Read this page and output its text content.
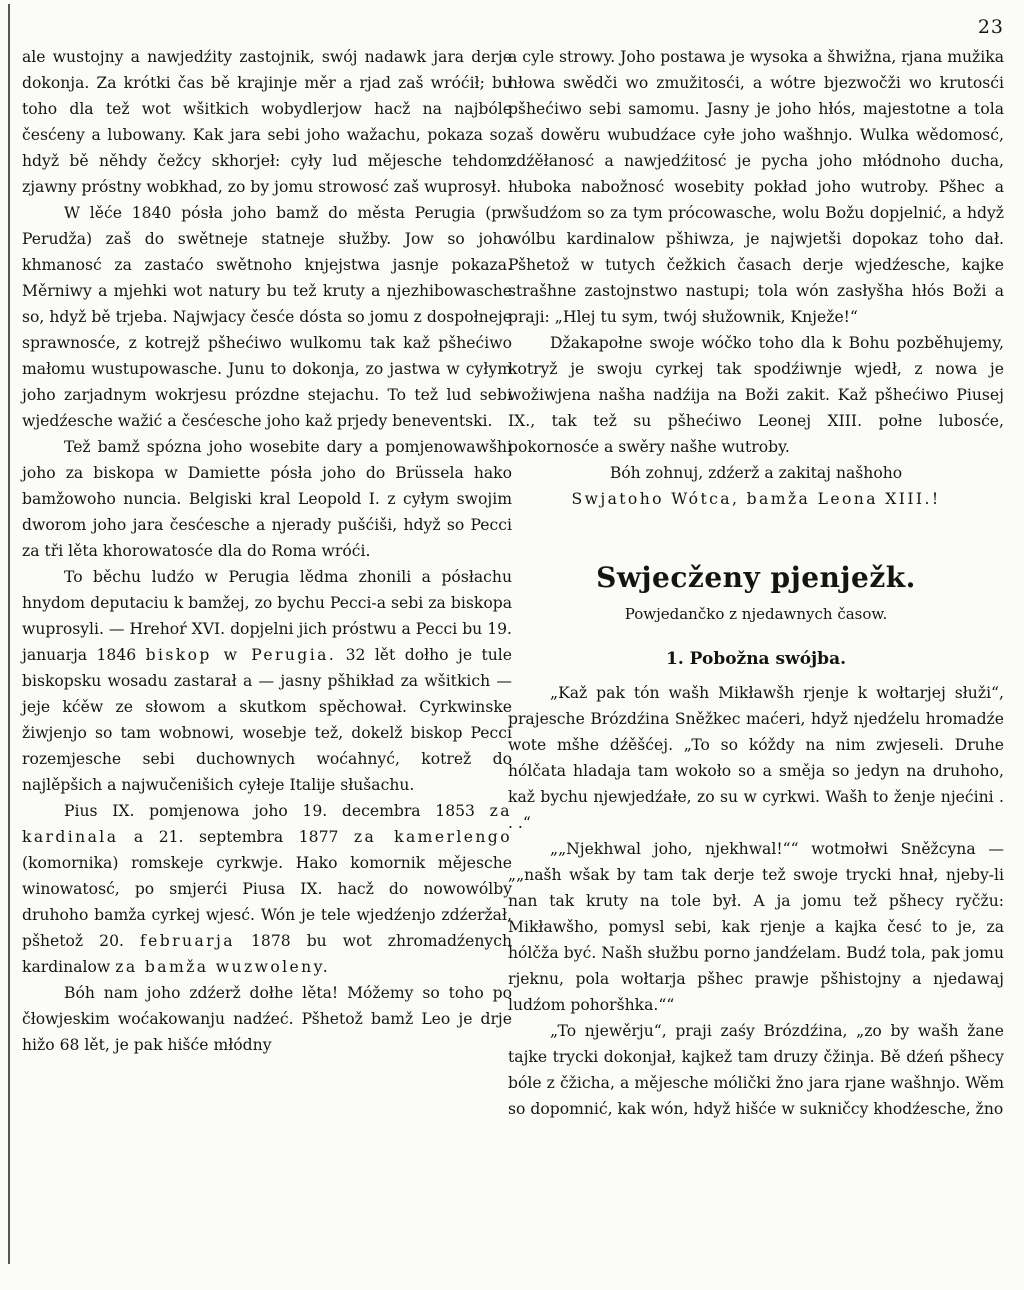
23

ale wustojny a nawjedźity zastojnik, swój nadawk jara derje dokonja. Za krótki čas bě krajinje měr a rjad zaš wróćił; bu toho dla tež wot wšitkich wobydlerjow hacž na najbóle česćeny a lubowany. Kak jara sebi joho wažachu, pokaza so, hdyž bě něhdy čežcy skhorjeł: cyły lud mějesche tehdom zjawny próstny wobkhad, zo by jomu strowosć zaš wuprosył.

W lěće 1840 pósła joho bamž do města Perugia (pr. Perudža) zaš do swětneje statneje słužby. Jow so joho khmanosć za zastaćo swětnoho knjejstwa jasnje pokaza. Měrniwy a mjehki wot natury bu tež kruty a njezhibowasche so, hdyž bě trjeba. Najwjacy česće dósta so jomu z dospołneje sprawnosće, z kotrejž pšhećiwo wulkomu tak kaž pšhećiwo małomu wustupowasche. Junu to dokonja, zo jastwa w cyłym joho zarjadnym wokrjesu prózdne stejachu. To tež lud sebi wjedźesche wažić a česćesche joho kaž prjedy beneventski.

Tež bamž spózna joho wosebite dary a pomjenowawšhi joho za biskopa w Damiette pósła joho do Brüssela hako bamžowoho nuncia. Belgiski kral Leopold I. z cyłym swojim dworom joho jara česćesche a njerady pušćiši, hdyž so Pecci za tři lěta khorowatosće dla do Roma wróći.

To běchu ludźo w Perugia lědma zhonili a pósłachu hnydom deputaciu k bamžej, zo bychu Pecci-a sebi za biskopa wuprosyli. — Hrehoŕ XVI. dopjelni jich próstwu a Pecci bu 19. januarja 1846 biskop w Perugia. 32 lět dołho je tule biskopsku wosadu zastarał a — jasny pšhikład za wšitkich — jeje kćěw ze słowom a skutkom spěchował. Cyrkwinske žiwjenjo so tam wobnowi, wosebje tež, dokelž biskop Pecci rozemjesche sebi duchownych woćahnyć, kotrež do najlěpšich a najwučenišich cyłeje Italije słušachu.

Pius IX. pomjenowa joho 19. decembra 1853 za kardinala a 21. septembra 1877 za kamerlengo (komornika) romskeje cyrkwje. Hako komornik mějesche winowatosć, po smjerći Piusa IX. hacž do nowowólby druhoho bamža cyrkej wjesć. Wón je tele wjedźenjo zdźeržał, pšhetož 20. februarja 1878 bu wot zhromadźenych kardinalow za bamža wuzwoleny.

Bóh nam joho zdźerž dołhe lěta! Móžemy so toho po čłowjeskim woćakowanju nadźeć. Pšhetož bamž Leo je drje hižo 68 lět, je pak hišće młódny

a cyle strowy. Joho postawa je wysoka a šhwižna, rjana mužika hłowa swědči wo zmužitosći, a wótre bjezwočži wo krutosći pšhećiwo sebi samomu. Jasny je joho hłós, majestotne a tola zaš dowěru wubudźace cyłe joho wašhnjo. Wulka wědomosć, zdźěłanosć a nawjedźitosć je pycha joho młódnoho ducha, hłuboka nabožnosć wosebity pokład joho wutroby. Pšhec a wšudźom so za tym prócowasche, wolu Božu dopjelnić, a hdyž wólbu kardinalow pšhiwza, je najwjetši dopokaz toho dał. Pšhetož w tutych čežkich časach derje wjedźesche, kajke strašhne zastojnstwo nastupi; tola wón zasłyšha hłós Boži a praji: „Hlej tu sym, twój słužownik, Knježe!“

Džakapołne swoje wóčko toho dla k Bohu pozběhujemy, kotryž je swoju cyrkej tak spodźiwnje wjedł, z nowa je wožiwjena našha nadźija na Boži zakit. Kaž pšhećiwo Piusej IX., tak tež su pšhećiwo Leonej XIII. połne lubosće, pokornosće a swěry našhe wutroby.

Bóh zohnuj, zdźerž a zakitaj našhoho

Swjatoho Wótca, bamža Leona XIII.!

Swjecženy pjenježk.
Powjedančko z njedawnych časow.
1. Pobožna swójba.

„Kaž pak tón wašh Mikławšh rjenje k wołtarjej słuži“, prajesche Brózdźina Sněžkec maćeri, hdyž njedźelu hromadźe wote mšhe dźěšćej. „To so kóždy na nim zwjeseli. Druhe hólčata hladaja tam wokoło so a směja so jedyn na druhoho, kaž bychu njewjedźałe, zo su w cyrkwi. Wašh to ženje njećini . . .“

„„Njekhwal joho, njekhwal!““ wotmołwi Sněžcyna — „„našh wšak by tam tak derje tež swoje trycki hnał, njeby-li nan tak kruty na tole był. A ja jomu tež pšhecy ryčžu: Mikławšho, pomysl sebi, kak rjenje a kajka česć to je, za hólčža być. Našh słužbu porno jandźelam. Budź tola, pak jomu rjeknu, pola wołtarja pšhec prawje pšhistojny a njedawaj ludźom pohoršhka.““

„To njewěrju“, praji zaśy Brózdźina, „zo by wašh žane tajke trycki dokonjał, kajkež tam druzy čžinja. Bě dźeń pšhecy bóle z čžicha, a mějesche mólički žno jara rjane wašhnjo. Wěm so dopomnić, kak wón, hdyž hišće w sukničcy khodźesche, žno
